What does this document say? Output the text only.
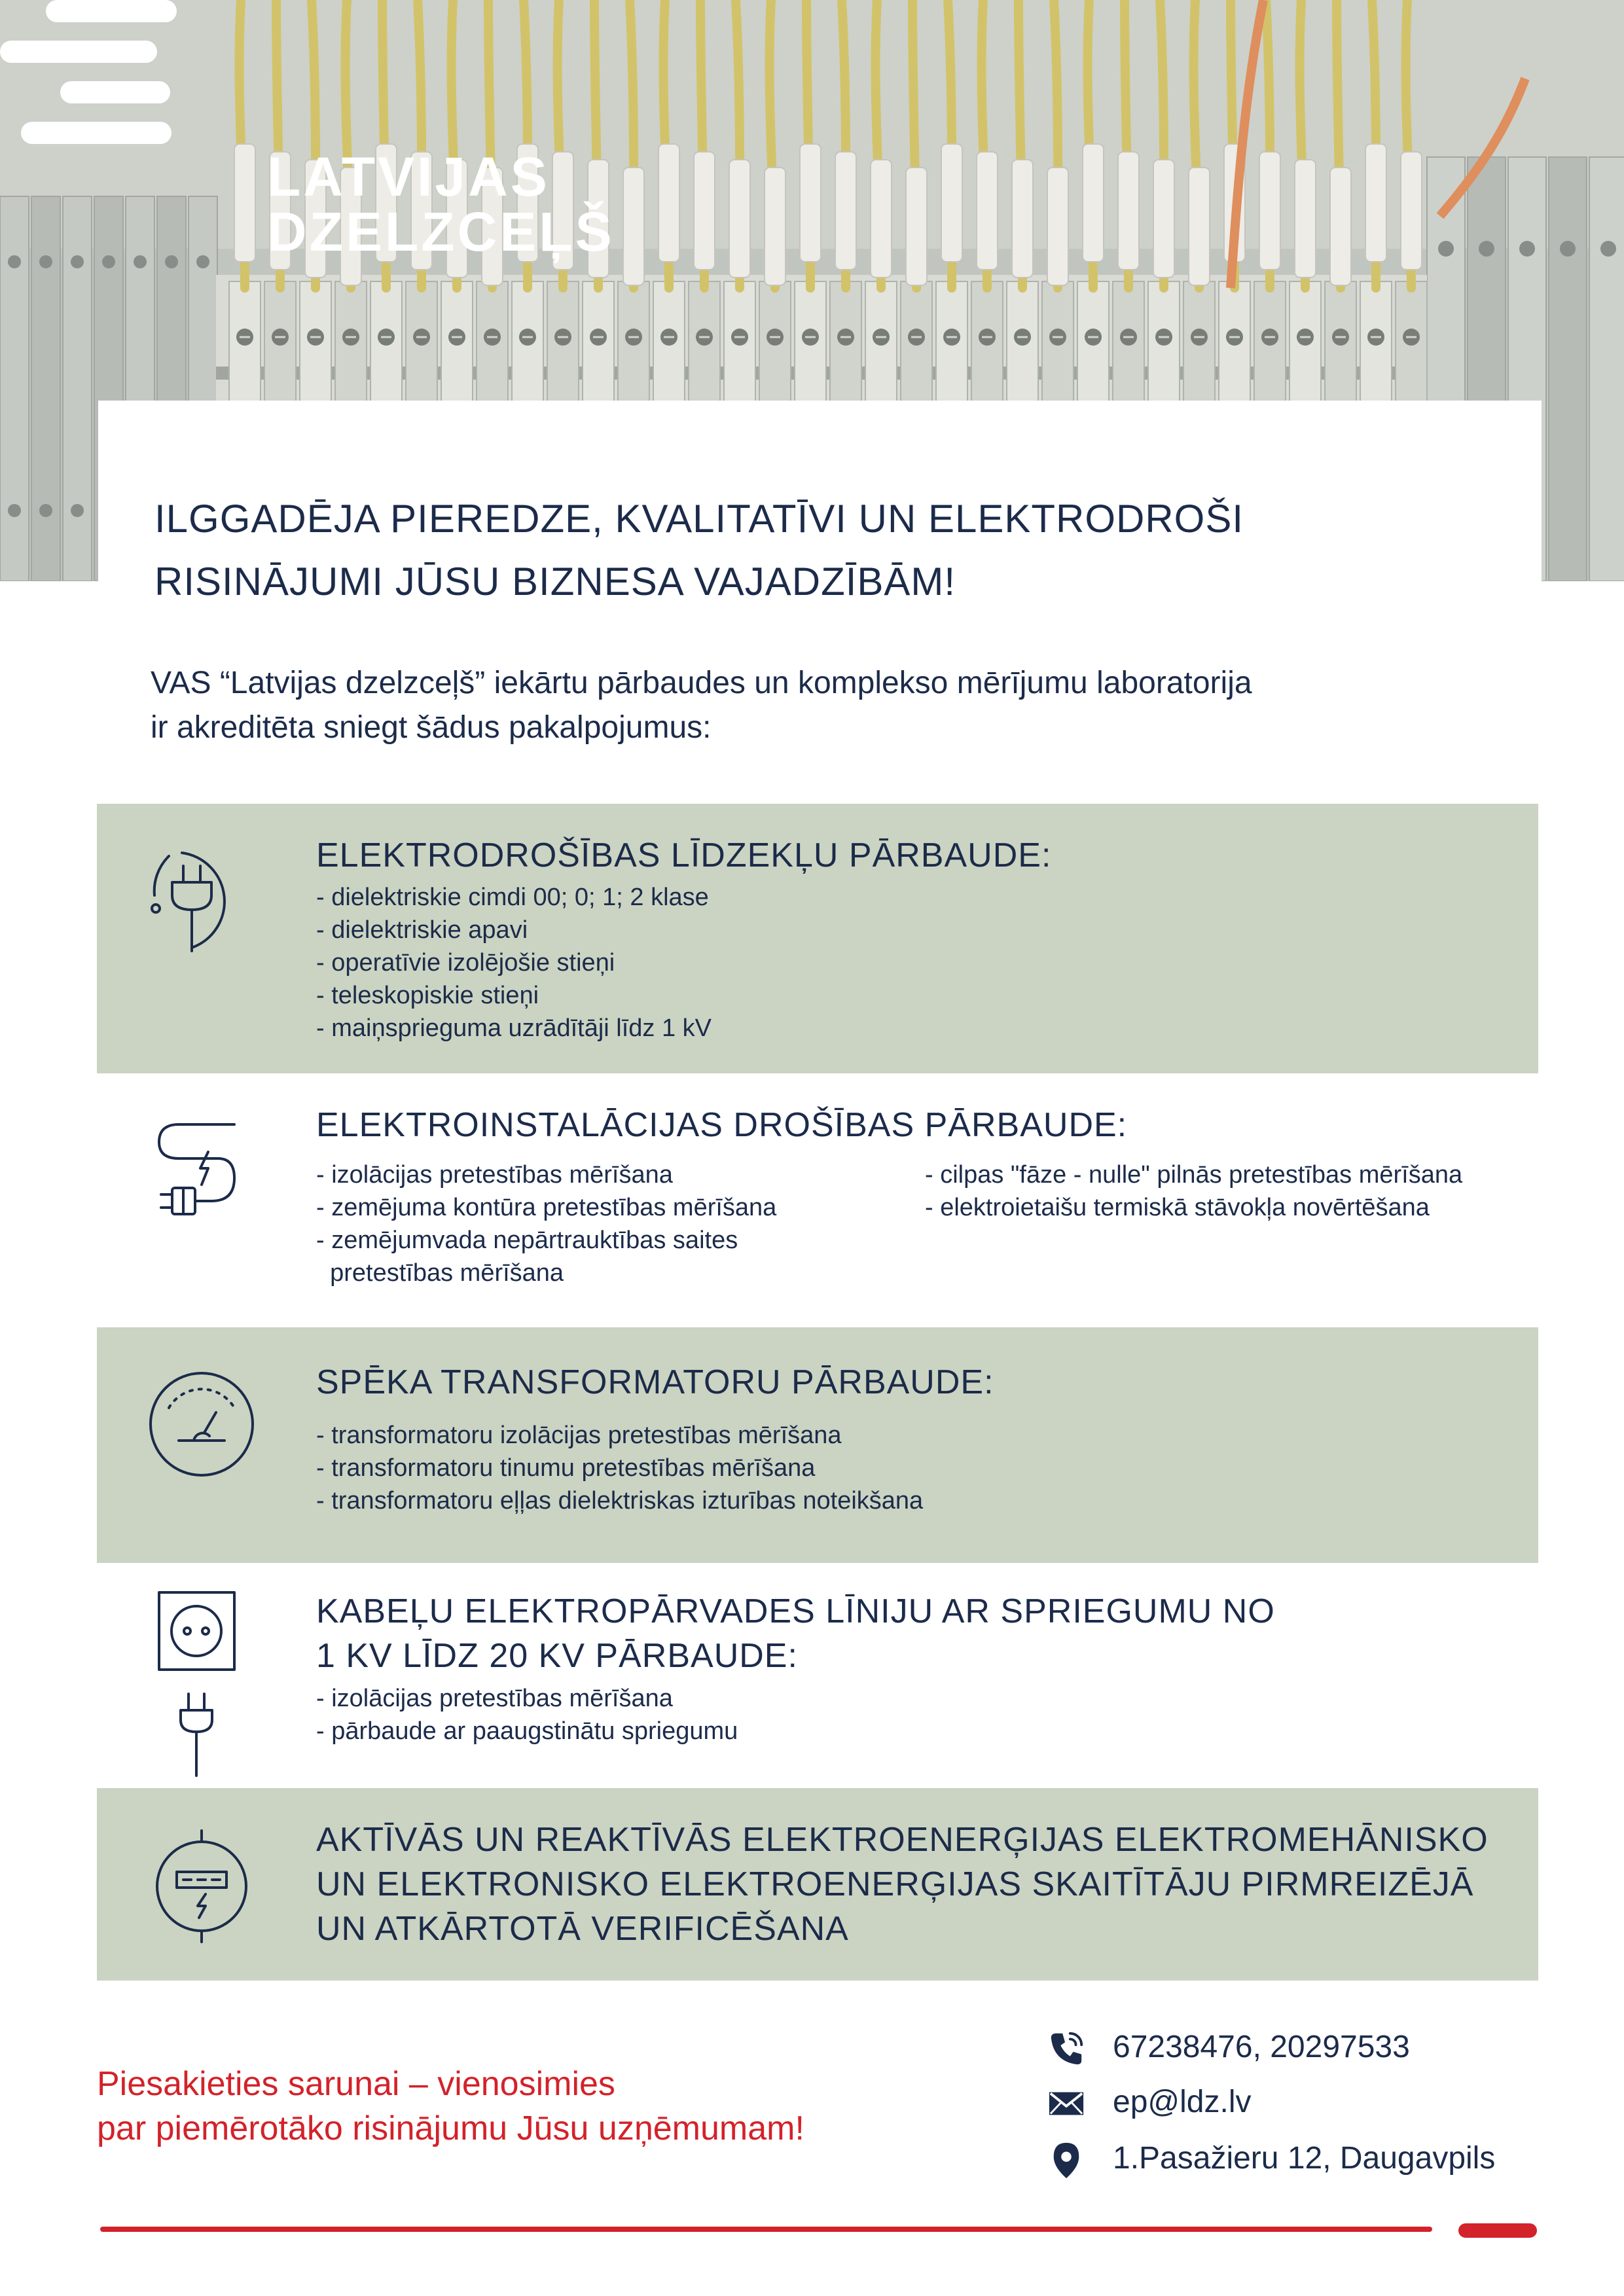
LATVIJAS
DZELZCEĻŠ
ILGGADĒJA PIEREDZE, KVALITATĪVI UN ELEKTRODROŠI
RISINĀJUMI JŪSU BIZNESA VAJADZĪBĀM!
VAS “Latvijas dzelzceļš” iekārtu pārbaudes un komplekso mērījumu laboratorija
ir akreditēta sniegt šādus pakalpojumus:
ELEKTRODROŠĪBAS LĪDZEKĻU PĀRBAUDE:
- dielektriskie cimdi 00; 0; 1; 2 klase
- dielektriskie apavi
- operatīvie izolējošie stieņi
- teleskopiskie stieņi
- maiņsprieguma uzrādītāji līdz 1 kV
ELEKTROINSTALĀCIJAS DROŠĪBAS PĀRBAUDE:
- izolācijas pretestības mērīšana
- zemējuma kontūra pretestības mērīšana
- zemējumvada nepārtrauktības saites
pretestības mērīšana
- cilpas "fāze - nulle" pilnās pretestības mērīšana
- elektroietaišu termiskā stāvokļa novērtēšana
SPĒKA TRANSFORMATORU PĀRBAUDE:
- transformatoru izolācijas pretestības mērīšana
- transformatoru tinumu pretestības mērīšana
- transformatoru eļļas dielektriskas izturības noteikšana
KABEĻU ELEKTROPĀRVADES LĪNIJU AR SPRIEGUMU NO
1 KV LĪDZ 20 KV PĀRBAUDE:
- izolācijas pretestības mērīšana
- pārbaude ar paaugstinātu spriegumu
AKTĪVĀS UN REAKTĪVĀS ELEKTROENERĢIJAS ELEKTROMEHĀNISKO
UN ELEKTRONISKO ELEKTROENERĢIJAS SKAITĪTĀJU PIRMREIZĒJĀ
UN ATKĀRTOTĀ VERIFICĒŠANA
Piesakieties sarunai – vienosimies
par piemērotāko risinājumu Jūsu uzņēmumam!
67238476, 20297533
ep@ldz.lv
1.Pasažieru 12, Daugavpils
